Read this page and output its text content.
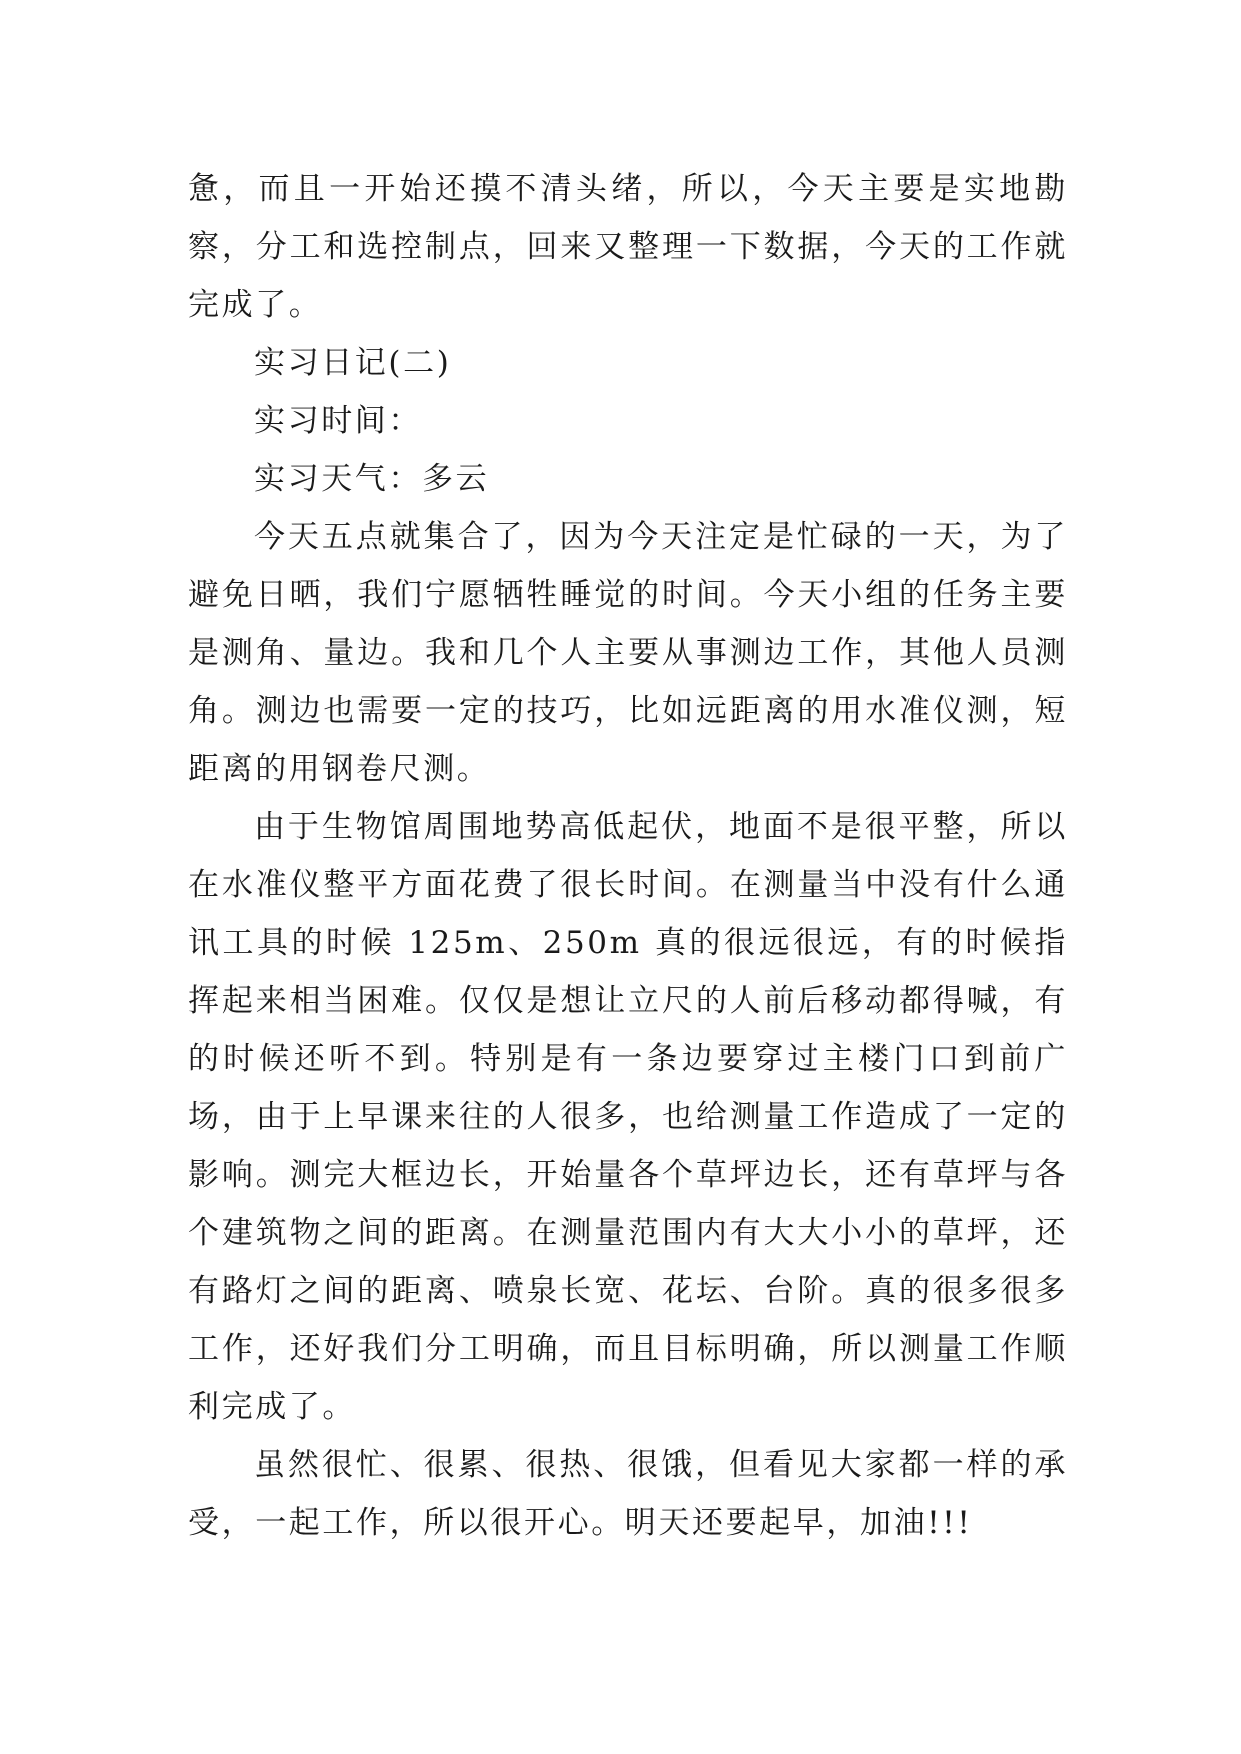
惫，而且一开始还摸不清头绪，所以，今天主要是实地勘察，分工和选控制点，回来又整理一下数据，今天的工作就完成了。

实习日记(二)

实习时间：

实习天气：多云

今天五点就集合了，因为今天注定是忙碌的一天，为了避免日晒，我们宁愿牺牲睡觉的时间。今天小组的任务主要是测角、量边。我和几个人主要从事测边工作，其他人员测角。测边也需要一定的技巧，比如远距离的用水准仪测，短距离的用钢卷尺测。

由于生物馆周围地势高低起伏，地面不是很平整，所以在水准仪整平方面花费了很长时间。在测量当中没有什么通讯工具的时候 125m、250m 真的很远很远，有的时候指挥起来相当困难。仅仅是想让立尺的人前后移动都得喊，有的时候还听不到。特别是有一条边要穿过主楼门口到前广场，由于上早课来往的人很多，也给测量工作造成了一定的影响。测完大框边长，开始量各个草坪边长，还有草坪与各个建筑物之间的距离。在测量范围内有大大小小的草坪，还有路灯之间的距离、喷泉长宽、花坛、台阶。真的很多很多工作，还好我们分工明确，而且目标明确，所以测量工作顺利完成了。

虽然很忙、很累、很热、很饿，但看见大家都一样的承受，一起工作，所以很开心。明天还要起早，加油!!!
